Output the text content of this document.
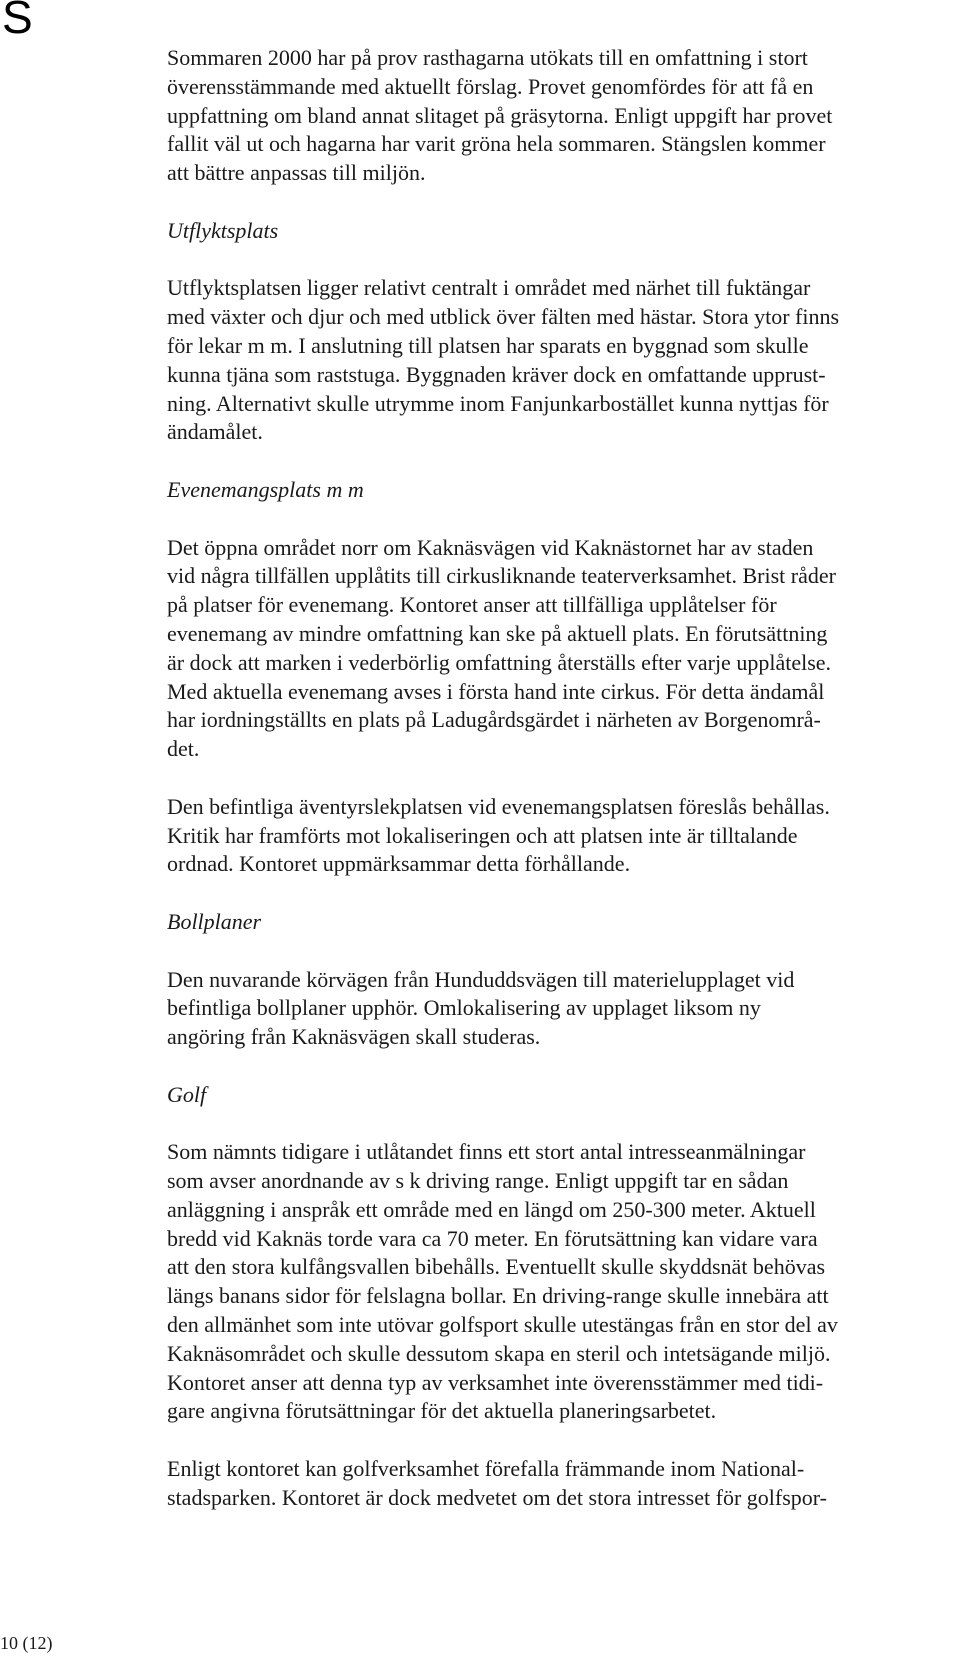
S

Sommaren 2000 har på prov rasthagarna utökats till en omfattning i stort
överensstämmande med aktuellt förslag. Provet genomfördes för att få en
uppfattning om bland annat slitaget på gräsytorna. Enligt uppgift har provet
fallit väl ut och hagarna har varit gröna hela sommaren. Stängslen kommer
att bättre anpassas till miljön.

Utflyktsplats

Utflyktsplatsen ligger relativt centralt i området med närhet till fuktängar
med växter och djur och med utblick över fälten med hästar. Stora ytor finns
för lekar m m. I anslutning till platsen har sparats en byggnad som skulle
kunna tjäna som raststuga. Byggnaden kräver dock en omfattande upprust-
ning. Alternativt skulle utrymme inom Fanjunkarbostället kunna nyttjas för
ändamålet.

Evenemangsplats m m

Det öppna området norr om Kaknäsvägen vid Kaknästornet har av staden
vid några tillfällen upplåtits till cirkusliknande teaterverksamhet. Brist råder
på platser för evenemang. Kontoret anser att tillfälliga upplåtelser för
evenemang av mindre omfattning kan ske på aktuell plats. En förutsättning
är dock att marken i vederbörlig omfattning återställs efter varje upplåtelse.
Med aktuella evenemang avses i första hand inte cirkus. För detta ändamål
har iordningställts en plats på Ladugårdsgärdet i närheten av Borgenområ-
det.

Den befintliga äventyrslekplatsen vid evenemangsplatsen föreslås behållas.
Kritik har framförts mot lokaliseringen och att platsen inte är tilltalande
ordnad. Kontoret uppmärksammar detta förhållande.

Bollplaner

Den nuvarande körvägen från Hunduddsvägen till materielupplaget vid
befintliga bollplaner upphör. Omlokalisering av upplaget liksom ny
angöring från Kaknäsvägen skall studeras.

Golf

Som nämnts tidigare i utlåtandet finns ett stort antal intresseanmälningar
som avser anordnande av s k driving range. Enligt uppgift tar en sådan
anläggning i anspråk ett område med en längd om 250-300 meter. Aktuell
bredd vid Kaknäs torde vara ca 70 meter. En förutsättning kan vidare vara
att den stora kulfångsvallen bibehålls. Eventuellt skulle skyddsnät behövas
längs banans sidor för felslagna bollar. En driving-range skulle innebära att
den allmänhet som inte utövar golfsport skulle utestängas från en stor del av
Kaknäsområdet och skulle dessutom skapa en steril och intetsägande miljö.
Kontoret anser att denna typ av verksamhet inte överensstämmer med tidi-
gare angivna förutsättningar för det aktuella planeringsarbetet.

Enligt kontoret kan golfverksamhet förefalla främmande inom National-
stadsparken. Kontoret är dock medvetet om det stora intresset för golfspor-

10 (12)
